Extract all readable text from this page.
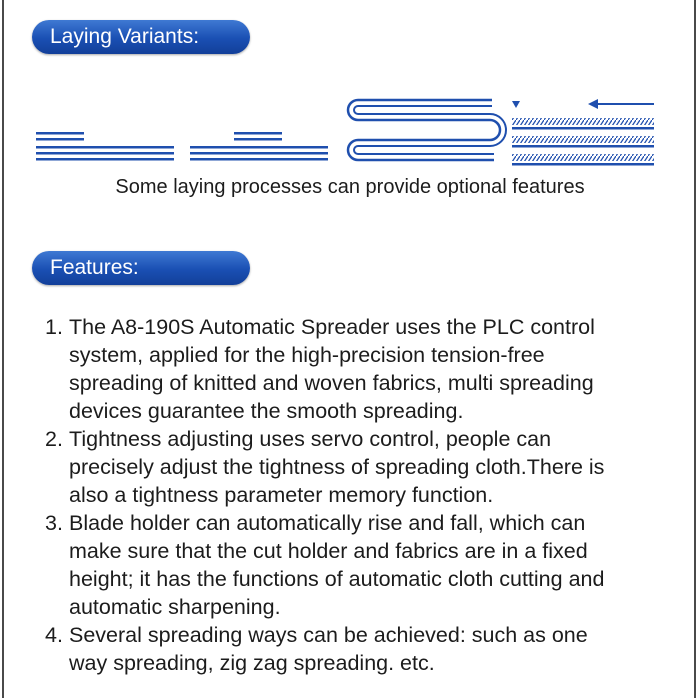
Laying Variants:
Some laying processes can provide optional features
Features:
1. The A8-190S Automatic Spreader uses the PLC control
system, applied for the high-precision tension-free
spreading of knitted and woven fabrics, multi spreading
devices guarantee the smooth spreading.
2. Tightness adjusting uses servo control, people can
precisely adjust the tightness of spreading cloth.There is
also a tightness parameter memory function.
3. Blade holder can automatically rise and fall, which can
make sure that the cut holder and fabrics are in a fixed
height; it has the functions of automatic cloth cutting and
automatic sharpening.
4. Several spreading ways can be achieved: such as one
way spreading, zig zag spreading. etc.
